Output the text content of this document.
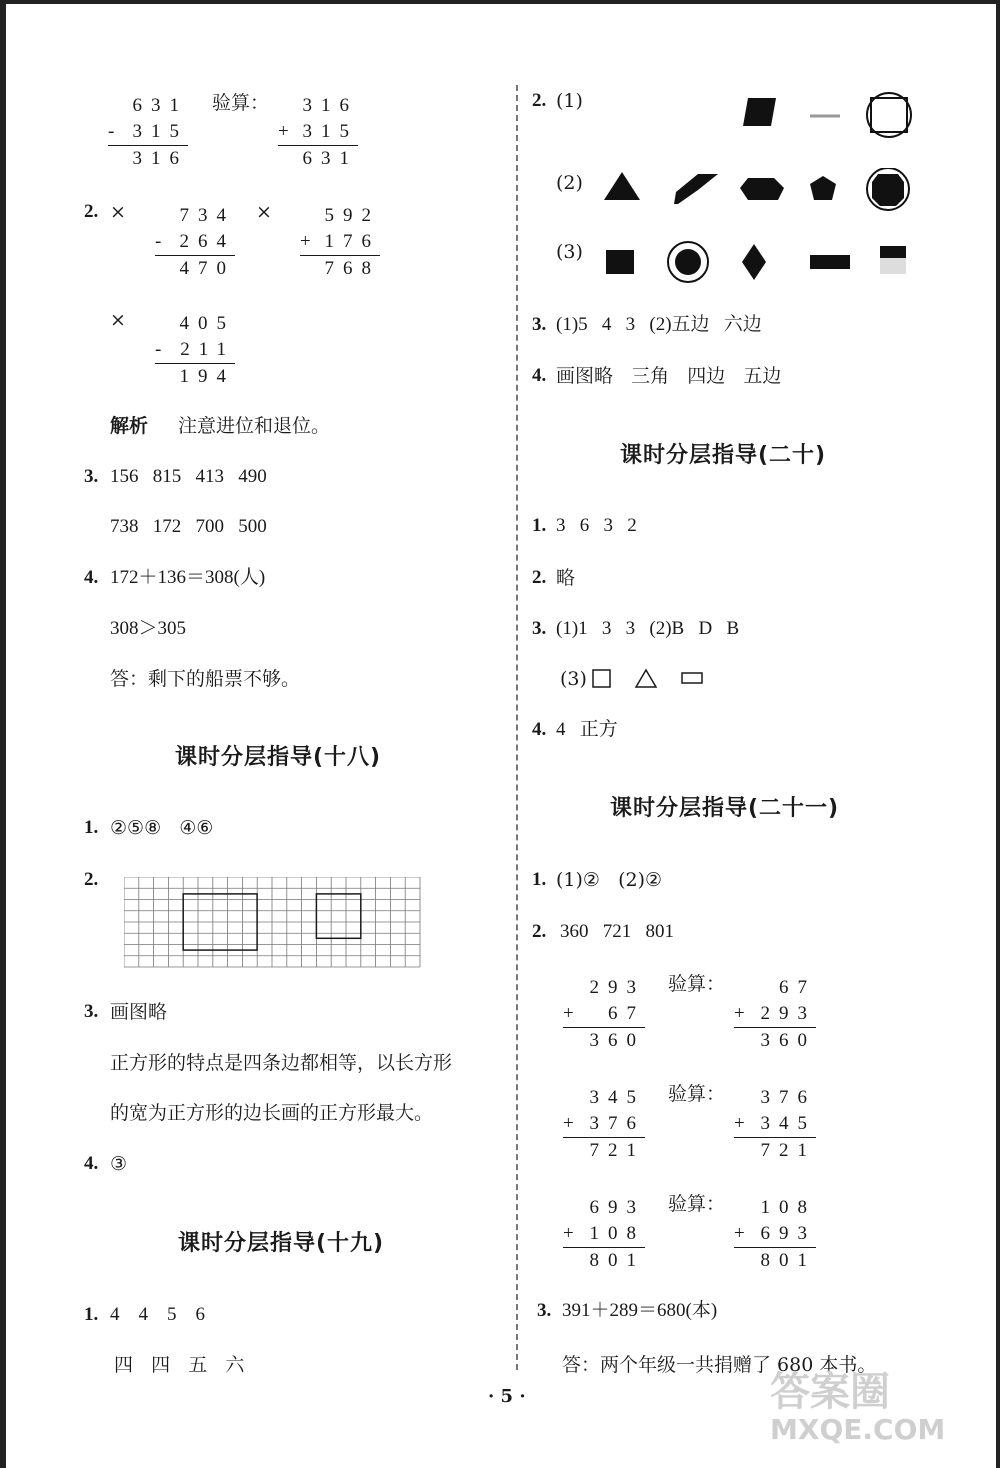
631
- 315
316
验算： 316
+ 315
631
2. ×	734
- 264
470
×	592
+ 176
768
×	405
- 211
194
解析 注意进位和退位。
3. 156   815   413   490
738   172   700   500
4. 172＋136＝308(人)
308＞305
答：剩下的船票不够。
课时分层指导(十八)
1. ②⑤⑧   ④⑥
2.
3. 画图略
正方形的特点是四条边都相等，以长方形
的宽为正方形的边长画的正方形最大。
4. ③
课时分层指导(十九)
1. 4    4    5    6
四   四   五   六
2. (1)
(2)
(3)
3. (1)5   4   3   (2)五边   六边
4. 画图略   三角   四边   五边
课时分层指导(二十)
1. 3   6   3   2
2. 略
3. (1)1   3   3   (2)B   D   B
(3)
4. 4   正方
课时分层指导(二十一)
1. (1)②   (2)②
2. 360   721   801
293
+ 67
360
验算：	67
+ 293
360
345
+ 376
721
验算： 376
+ 345
721
693
+ 108
801
验算： 108
+ 693
801
3. 391＋289＝680(本)
答：两个年级一共捐赠了 680 本书。
· 5 ·	答案圈
MXQE.COM
